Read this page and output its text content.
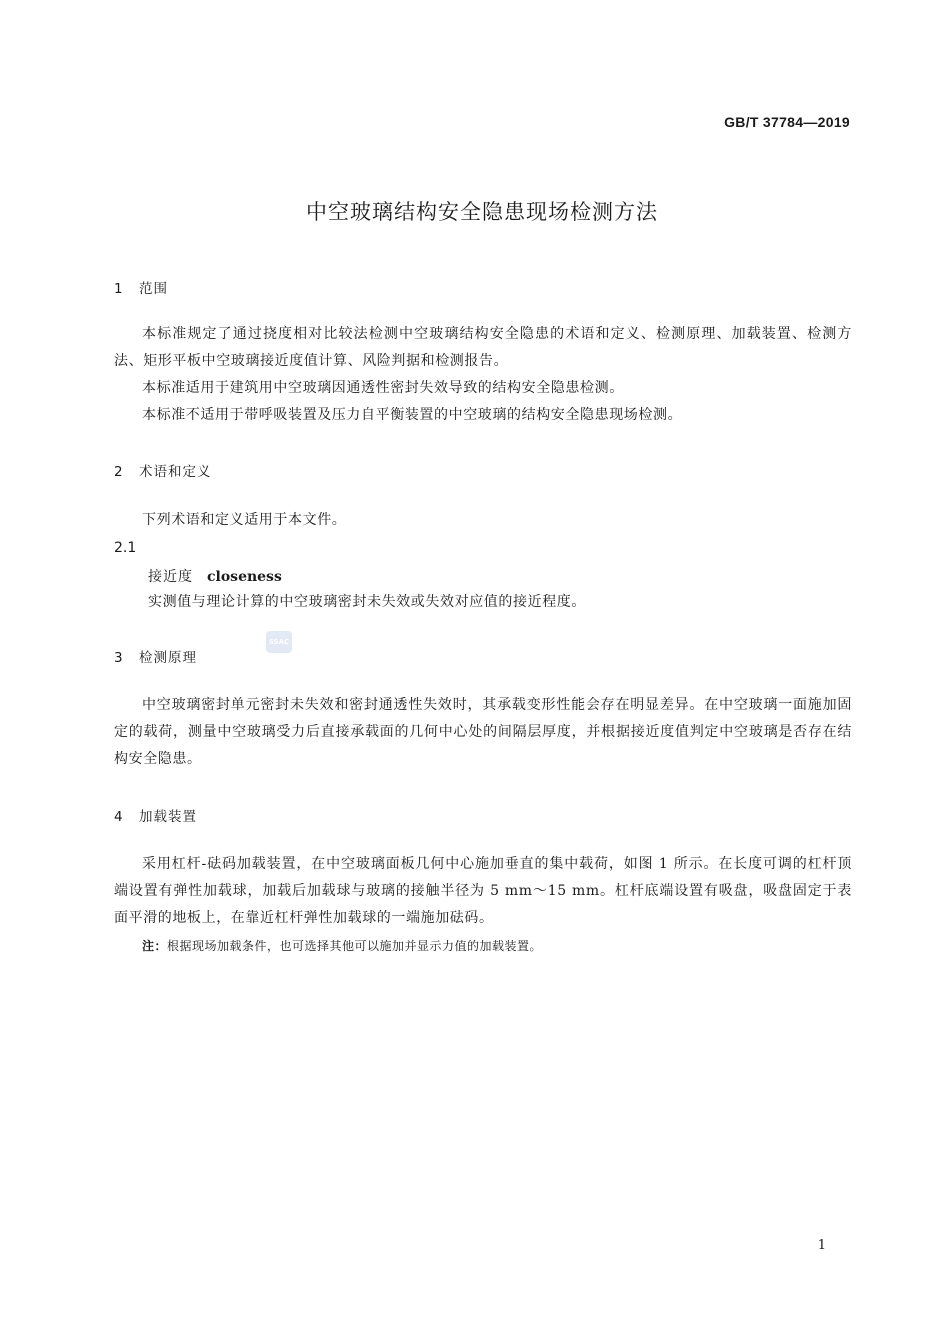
GB/T 37784—2019
中空玻璃结构安全隐患现场检测方法
1 范围

本标准规定了通过挠度相对比较法检测中空玻璃结构安全隐患的术语和定义、检测原理、加载装置、检测方法、矩形平板中空玻璃接近度值计算、风险判据和检测报告。

本标准适用于建筑用中空玻璃因通透性密封失效导致的结构安全隐患检测。

本标准不适用于带呼吸装置及压力自平衡装置的中空玻璃的结构安全隐患现场检测。

2 术语和定义

下列术语和定义适用于本文件。

2.1
接近度 closeness

实测值与理论计算的中空玻璃密封未失效或失效对应值的接近程度。

SSAC
3 检测原理

中空玻璃密封单元密封未失效和密封通透性失效时，其承载变形性能会存在明显差异。在中空玻璃一面施加固定的载荷，测量中空玻璃受力后直接承载面的几何中心处的间隔层厚度，并根据接近度值判定中空玻璃是否存在结构安全隐患。

4 加载装置

采用杠杆-砝码加载装置，在中空玻璃面板几何中心施加垂直的集中载荷，如图 1 所示。在长度可调的杠杆顶端设置有弹性加载球，加载后加载球与玻璃的接触半径为 5 mm～15 mm。杠杆底端设置有吸盘，吸盘固定于表面平滑的地板上，在靠近杠杆弹性加载球的一端施加砝码。

注：根据现场加载条件，也可选择其他可以施加并显示力值的加载装置。
1
